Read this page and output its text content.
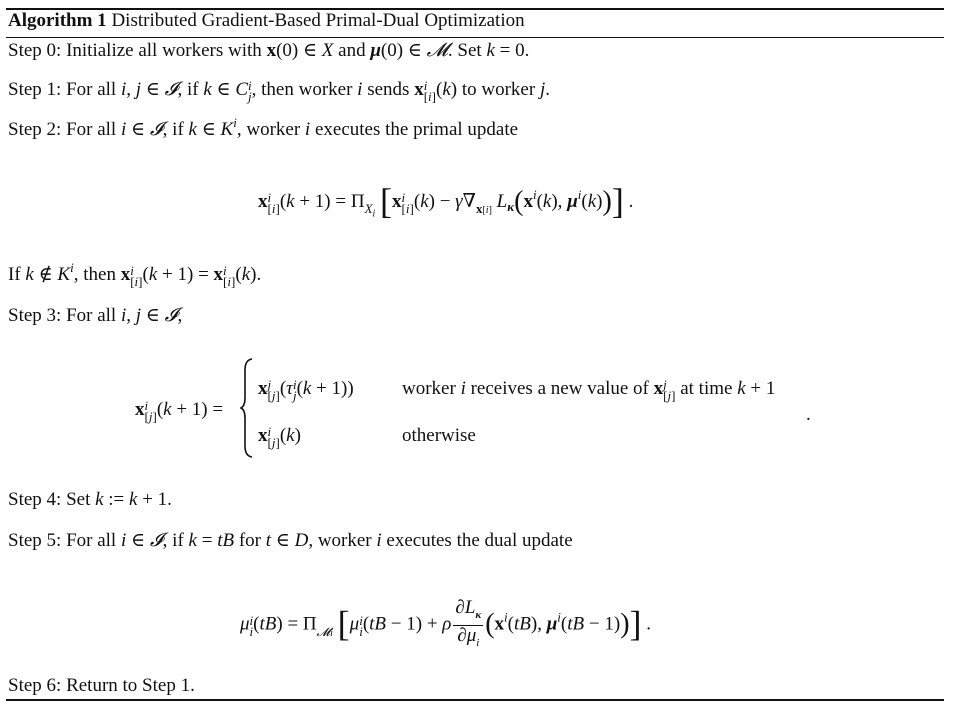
Algorithm 1 Distributed Gradient-Based Primal-Dual Optimization
Step 0: Initialize all workers with x(0) ∈ X and μ(0) ∈ 𝓜. Set k = 0.
Step 1: For all i, j ∈ 𝓘, if k ∈ C i
j , then worker i sends x i
[i] (k) to worker j.
Step 2: For all i ∈ 𝓘, if k ∈ $K^i$, worker i executes the primal update
x i
[i] $(k + 1) = \Pi_{X_i}$ [x i
[i] $(k) - \gamma\nabla_{x[i]}$ $L_\kappa(x^i(k)$, $\mu^i(k)$)] .
If k ∉ $K^i$, then x i
[i] (k + 1) = x i
[i] (k).
Step 3: For all i, j ∈ 𝓘,
x i
[j] (k + 1) =
x j
[j] (τ i
j (k + 1))	worker i receives a new value of x j
[j] at time k + 1
.
x i
[j] (k)	otherwise
Step 4: Set k := k + 1.
Step 5: For all i ∈ 𝓘, if k = tB for t ∈ D, worker i executes the dual update
μ i
i $(tB) = \Pi_{𝓜i}$ [μ i
i (tB − 1) + ρ $\frac{\partial L_\kappa}{\partial\mu_i} (x^i(tB)$, $\mu^i(tB - 1)$)] .
Step 6: Return to Step 1.
